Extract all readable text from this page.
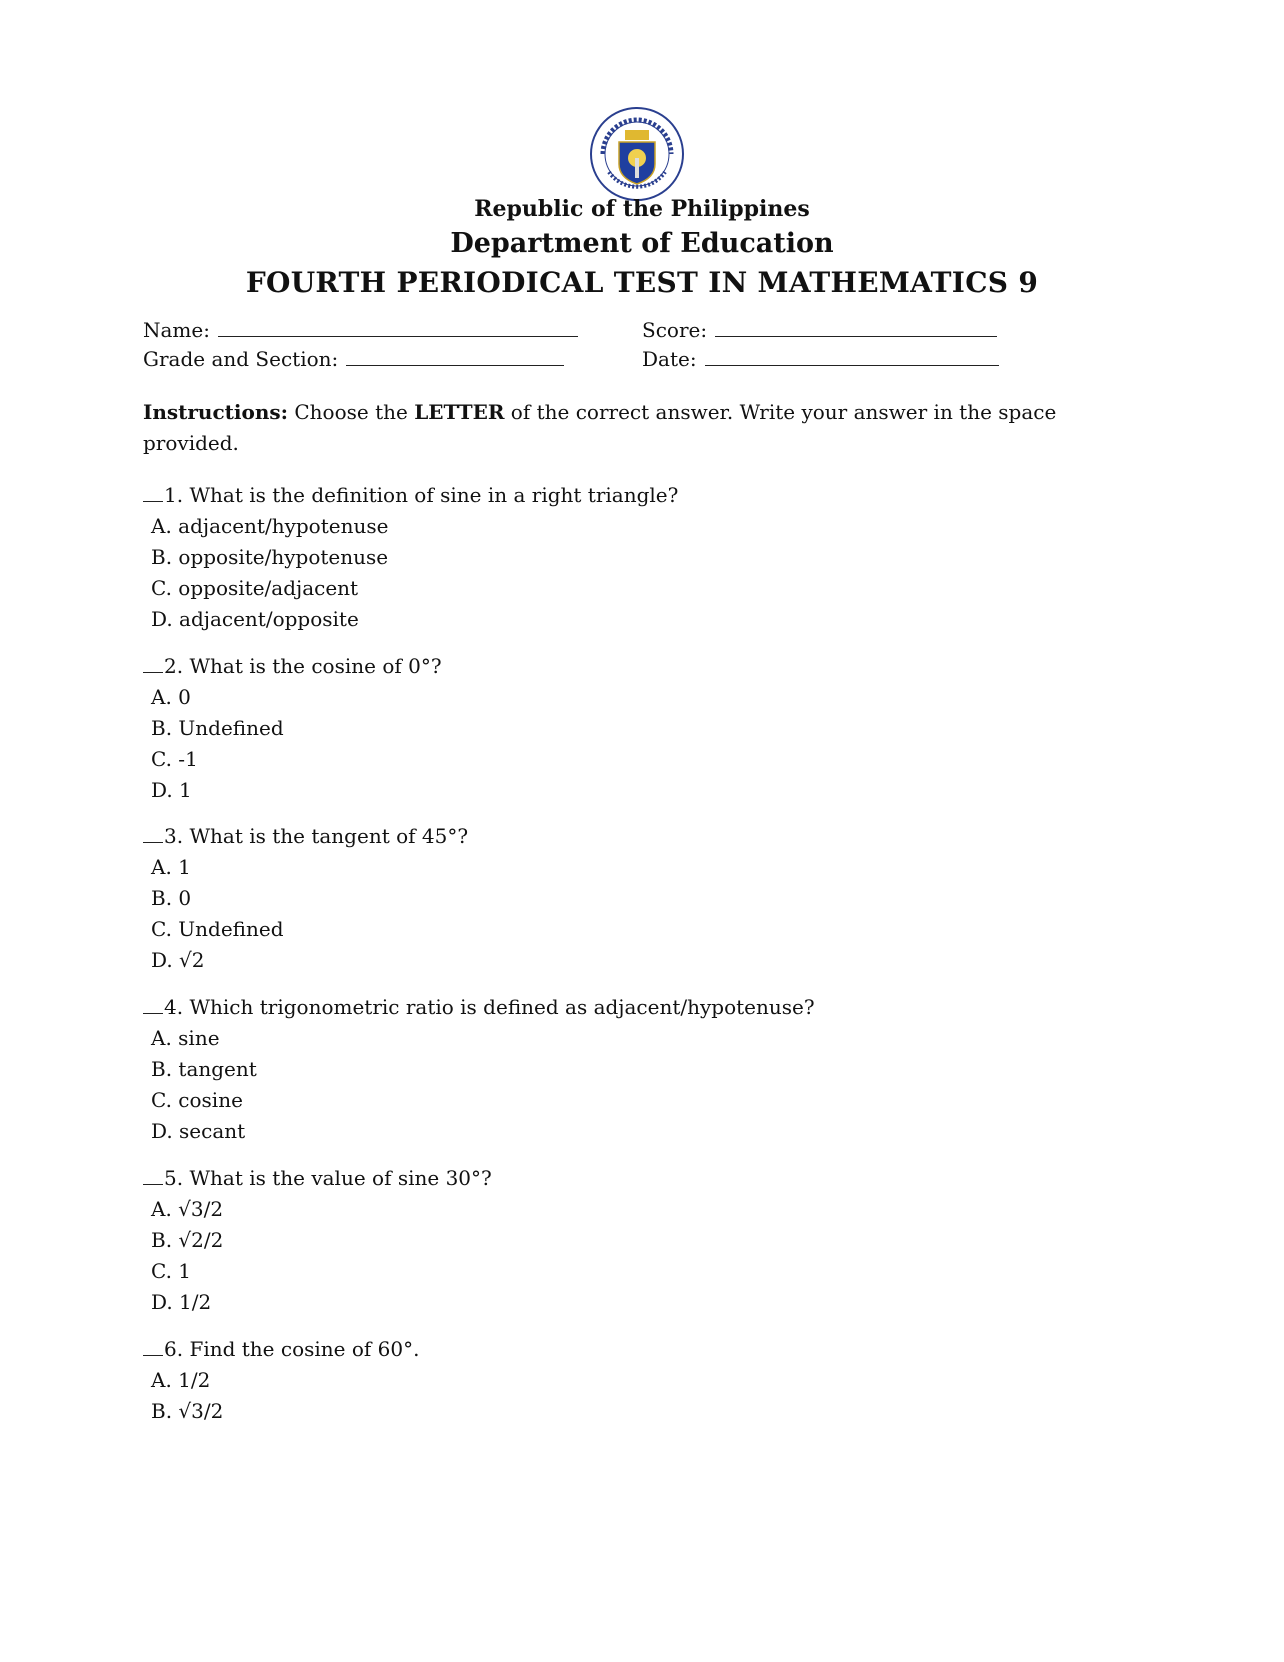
Republic of the Philippines
Department of Education
FOURTH PERIODICAL TEST IN MATHEMATICS 9
Name:
Grade and Section:
Score:
Date:
Instructions: Choose the LETTER of the correct answer. Write your answer in the space provided.
1. What is the definition of sine in a right triangle?
A. adjacent/hypotenuse
B. opposite/hypotenuse
C. opposite/adjacent
D. adjacent/opposite
2. What is the cosine of 0°?
A. 0
B. Undefined
C. -1
D. 1
3. What is the tangent of 45°?
A. 1
B. 0
C. Undefined
D. √2
4. Which trigonometric ratio is defined as adjacent/hypotenuse?
A. sine
B. tangent
C. cosine
D. secant
5. What is the value of sine 30°?
A. √3/2
B. √2/2
C. 1
D. 1/2
6. Find the cosine of 60°.
A. 1/2
B. √3/2
